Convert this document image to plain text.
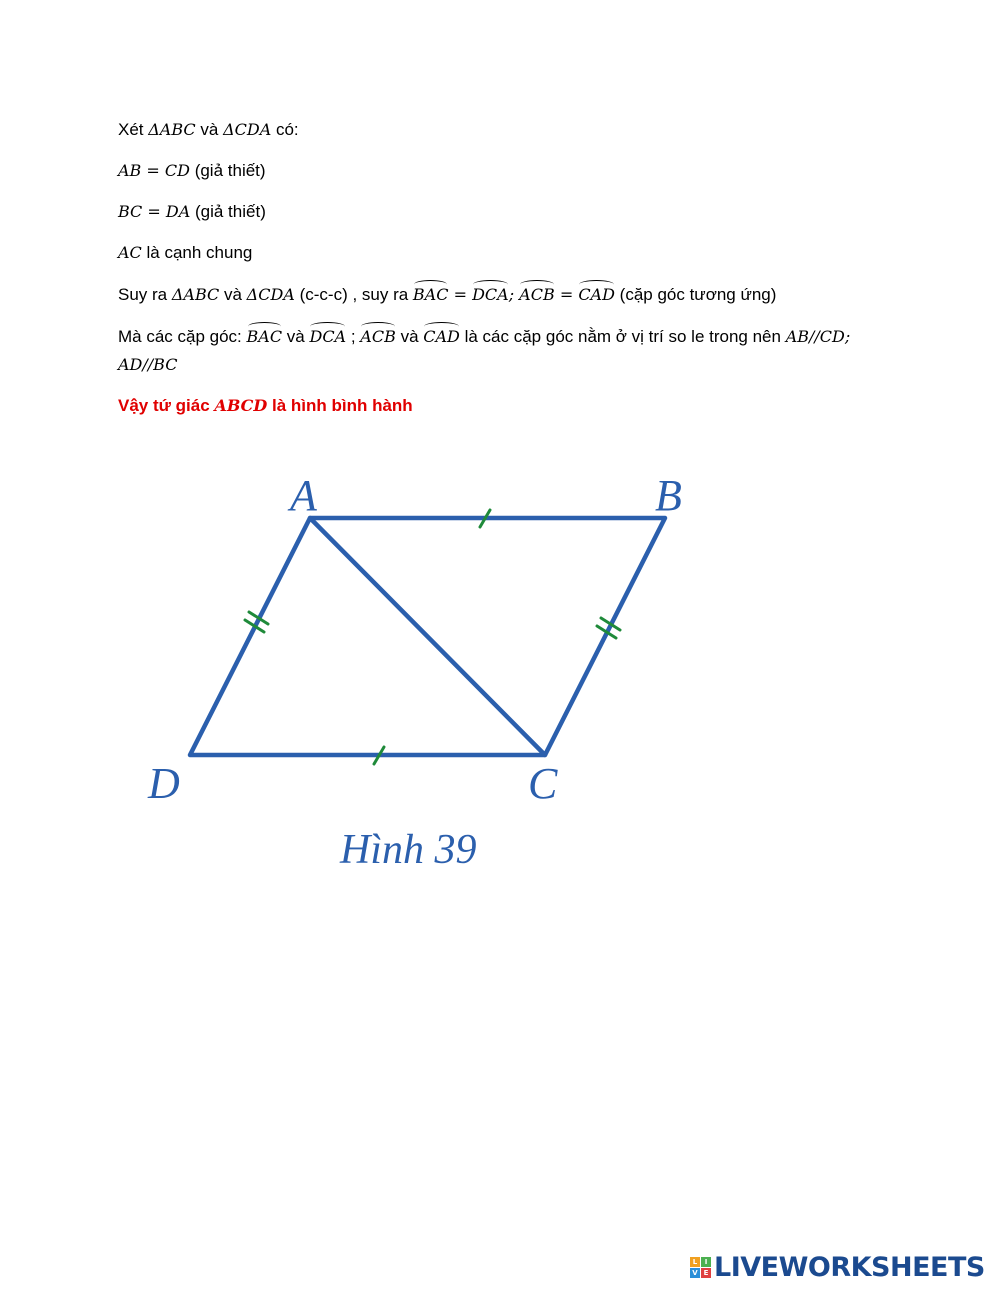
Xét ΔABC và ΔCDA có:
AB = CD (giả thiết)
BC = DA (giả thiết)
AC là cạnh chung
Suy ra ΔABC và ΔCDA (c-c-c) , suy ra BAC = DCA; ACB = CAD (cặp góc tương ứng)
Mà các cặp góc: BAC và DCA ; ACB và CAD là các cặp góc nằm ở vị trí so le trong nên AB//CD;
AD//BC
Vậy tứ giác ABCD là hình bình hành
A	B
C
D
Hình 39
L	I
V E LIVEWORKSHEETS
